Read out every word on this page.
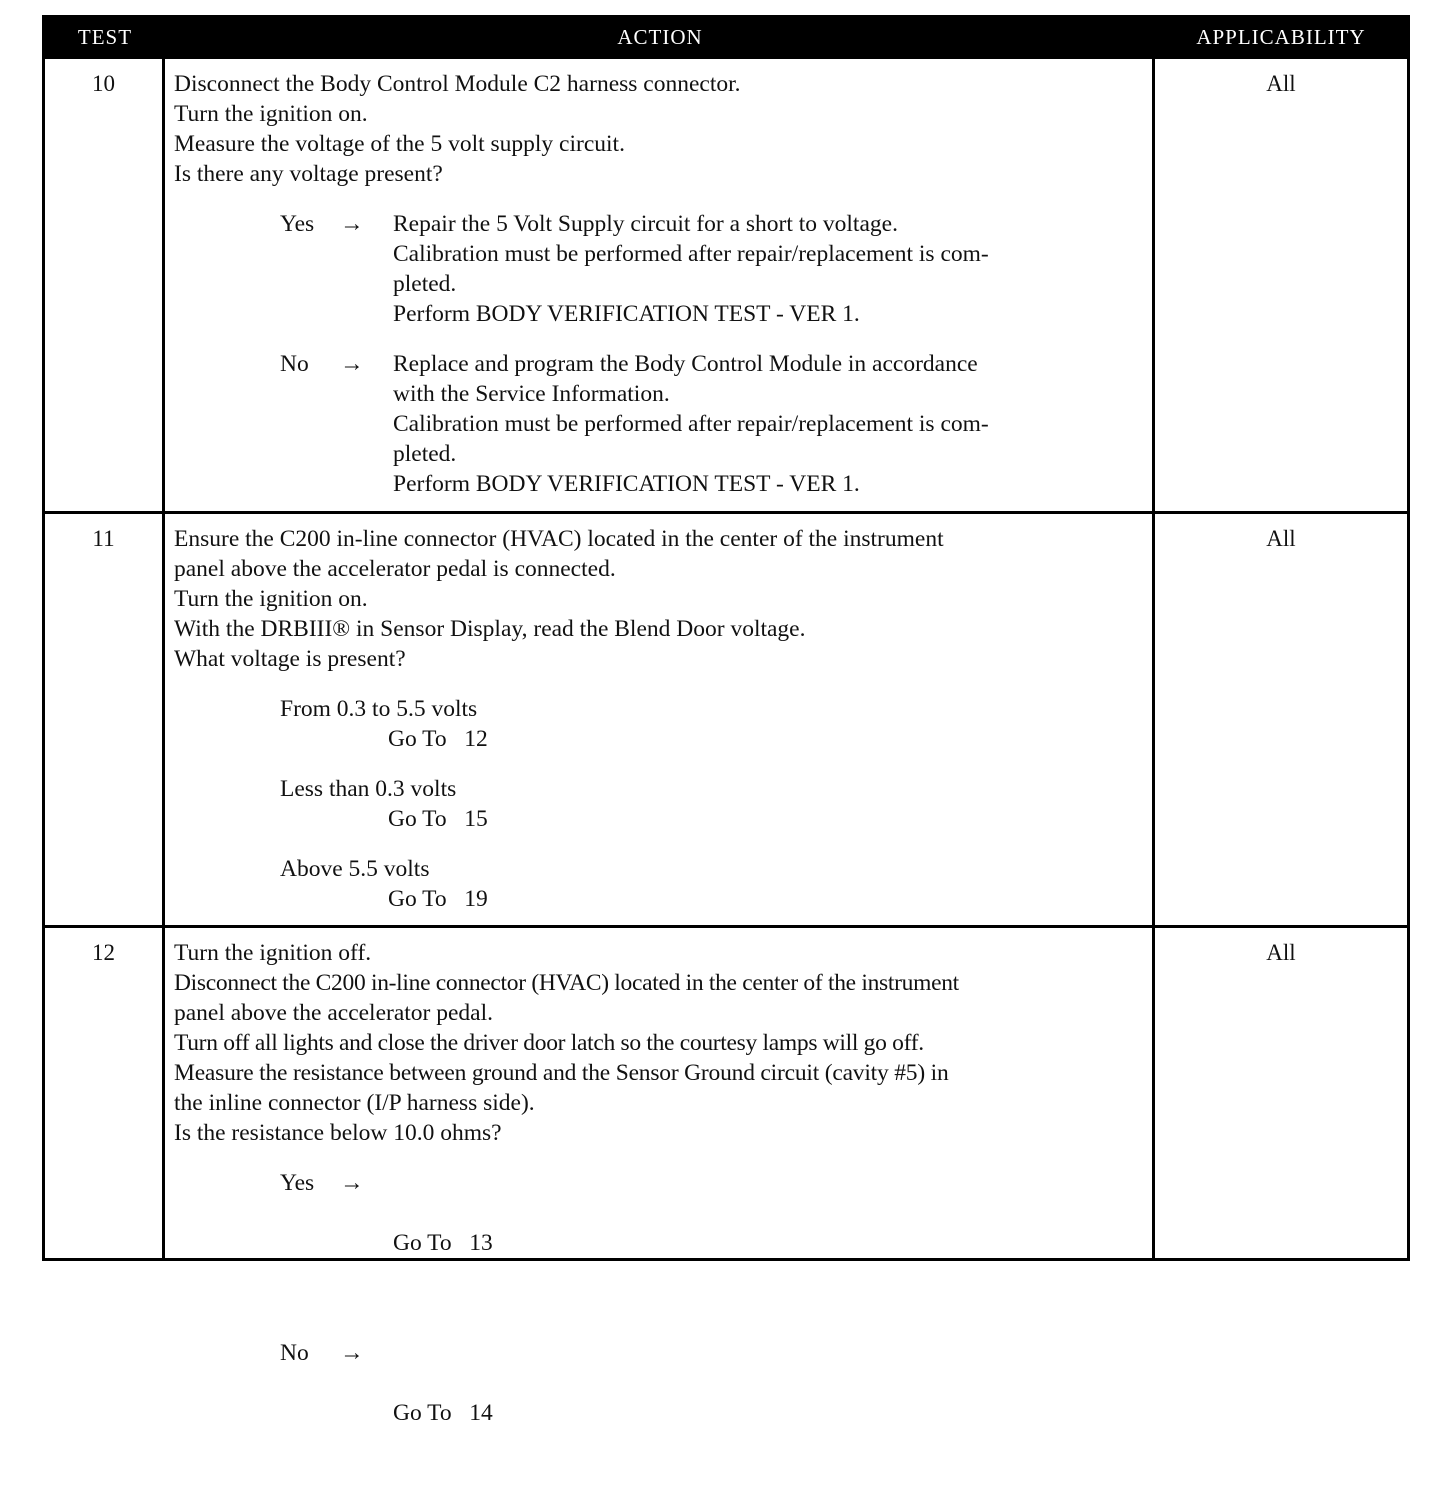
TEST	ACTION	APPLICABILITY
10	Disconnect the Body Control Module C2 harness connector.
Turn the ignition on.
Measure the voltage of the 5 volt supply circuit.
Is there any voltage present?
Yes	→	Repair the 5 Volt Supply circuit for a short to voltage.
Calibration must be performed after repair/replacement is com-
pleted.
Perform BODY VERIFICATION TEST - VER 1.
No	→	Replace and program the Body Control Module in accordance
with the Service Information.
Calibration must be performed after repair/replacement is com-
pleted.
Perform BODY VERIFICATION TEST - VER 1.
All
11	Ensure the C200 in-line connector (HVAC) located in the center of the instrument
panel above the accelerator pedal is connected.
Turn the ignition on.
With the DRBIII® in Sensor Display, read the Blend Door voltage.
What voltage is present?
From 0.3 to 5.5 volts
Go To   12
Less than 0.3 volts
Go To   15
Above 5.5 volts
Go To   19
All
12	Turn the ignition off.
Disconnect the C200 in-line connector (HVAC) located in the center of the instrument
panel above the accelerator pedal.
Turn off all lights and close the driver door latch so the courtesy lamps will go off.
Measure the resistance between ground and the Sensor Ground circuit (cavity #5) in
the inline connector (I/P harness side).
Is the resistance below 10.0 ohms?
Yes	→

Go To   13

No	→

Go To   14

All
